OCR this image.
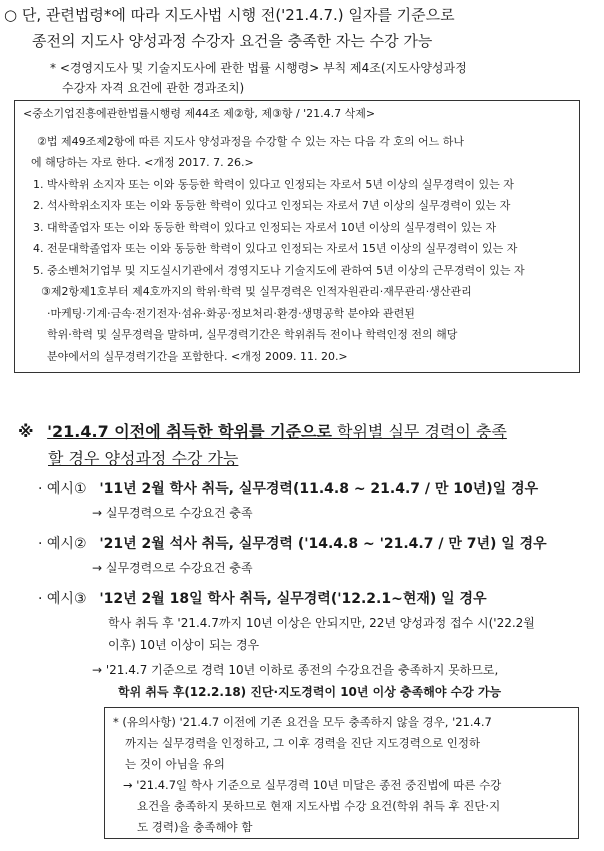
○ 단, 관련법령*에 따라 지도사법 시행 전('21.4.7.) 일자를 기준으로
종전의 지도사 양성과정 수강자 요건을 충족한 자는 수강 가능
* <경영지도사 및 기술지도사에 관한 법률 시행령> 부칙 제4조(지도사양성과정
수강자 자격 요건에 관한 경과조치)
<중소기업진흥에관한법률시행령 제44조 제②항, 제③항 / '21.4.7 삭제>
②법 제49조제2항에 따른 지도사 양성과정을 수강할 수 있는 자는 다음 각 호의 어느 하나
에 해당하는 자로 한다. <개정 2017. 7. 26.>
1. 박사학위 소지자 또는 이와 동등한 학력이 있다고 인정되는 자로서 5년 이상의 실무경력이 있는 자
2. 석사학위소지자 또는 이와 동등한 학력이 있다고 인정되는 자로서 7년 이상의 실무경력이 있는 자
3. 대학졸업자 또는 이와 동등한 학력이 있다고 인정되는 자로서 10년 이상의 실무경력이 있는 자
4. 전문대학졸업자 또는 이와 동등한 학력이 있다고 인정되는 자로서 15년 이상의 실무경력이 있는 자
5. 중소벤처기업부 및 지도실시기관에서 경영지도나 기술지도에 관하여 5년 이상의 근무경력이 있는 자
③제2항제1호부터 제4호까지의 학위·학력 및 실무경력은 인적자원관리·재무관리·생산관리
·마케팅·기계·금속·전기전자·섬유·화공·정보처리·환경·생명공학 분야와 관련된
학위·학력 및 실무경력을 말하며, 실무경력기간은 학위취득 전이나 학력인정 전의 해당
분야에서의 실무경력기간을 포함한다. <개정 2009. 11. 20.>
※ '21.4.7 이전에 취득한 학위를 기준으로 학위별 실무 경력이 충족
할 경우 양성과정 수강 가능
· 예시① '11년 2월 학사 취득, 실무경력(11.4.8 ~ 21.4.7 / 만 10년)일 경우
→ 실무경력으로 수강요건 충족
· 예시② '21년 2월 석사 취득, 실무경력 ('14.4.8 ~ '21.4.7 / 만 7년) 일 경우
→ 실무경력으로 수강요건 충족
· 예시③ '12년 2월 18일 학사 취득, 실무경력('12.2.1~현재) 일 경우
학사 취득 후 '21.4.7까지 10년 이상은 안되지만, 22년 양성과정 접수 시('22.2월
이후) 10년 이상이 되는 경우
→ '21.4.7 기준으로 경력 10년 이하로 종전의 수강요건을 충족하지 못하므로,
학위 취득 후(12.2.18) 진단·지도경력이 10년 이상 충족해야 수강 가능
* (유의사항) '21.4.7 이전에 기존 요건을 모두 충족하지 않을 경우, '21.4.7
까지는 실무경력을 인정하고, 그 이후 경력을 진단 지도경력으로 인정하
는 것이 아님을 유의
→ '21.4.7일 학사 기준으로 실무경력 10년 미달은 종전 중진법에 따른 수강
요건을 충족하지 못하므로 현재 지도사법 수강 요건(학위 취득 후 진단·지
도 경력)을 충족해야 함
